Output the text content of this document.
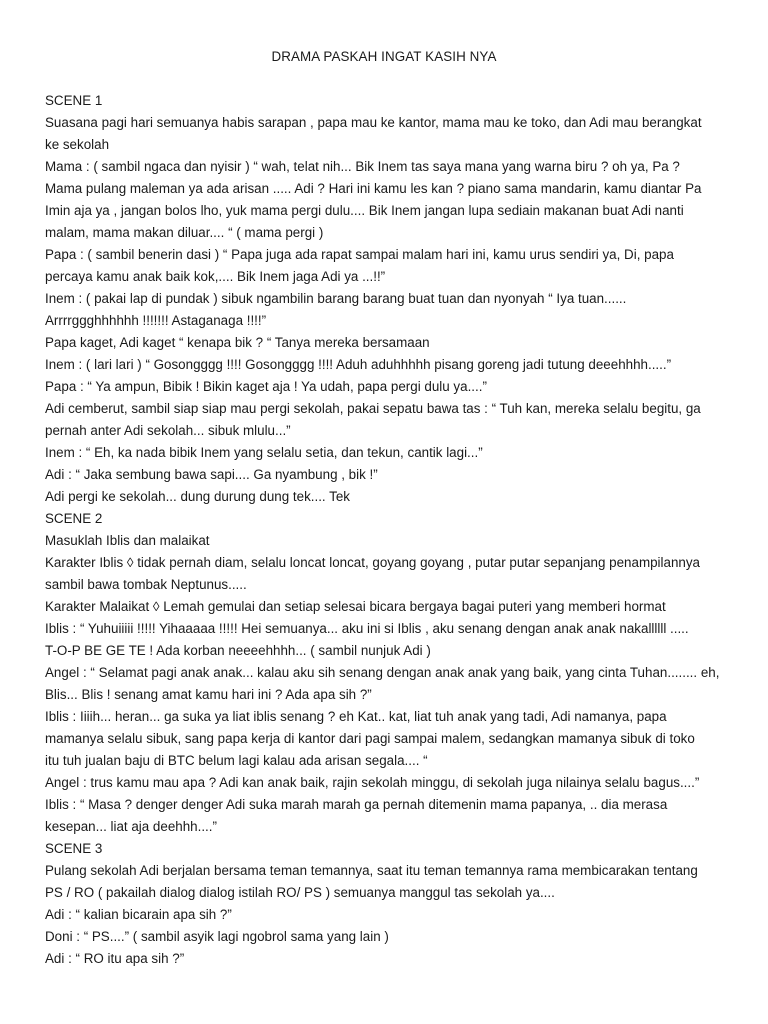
DRAMA PASKAH INGAT KASIH NYA
SCENE 1
Suasana pagi hari semuanya habis sarapan , papa mau ke kantor, mama mau ke toko, dan Adi mau berangkat
ke sekolah
Mama : ( sambil ngaca dan nyisir ) “ wah, telat nih... Bik Inem tas saya mana yang warna biru ? oh ya, Pa ?
Mama pulang maleman ya ada arisan ..... Adi ? Hari ini kamu les kan ? piano sama mandarin, kamu diantar Pa
Imin aja ya , jangan bolos lho, yuk mama pergi dulu.... Bik Inem jangan lupa sediain makanan buat Adi nanti
malam, mama makan diluar.... “ ( mama pergi )
Papa : ( sambil benerin dasi ) “ Papa juga ada rapat sampai malam hari ini, kamu urus sendiri ya, Di, papa
percaya kamu anak baik kok,.... Bik Inem jaga Adi ya ...!!”
Inem : ( pakai lap di pundak ) sibuk ngambilin barang barang buat tuan dan nyonyah “ Iya tuan......
Arrrrggghhhhhh !!!!!!! Astaganaga !!!!”
Papa kaget, Adi kaget “ kenapa bik ? “ Tanya mereka bersamaan
Inem : ( lari lari ) “ Gosongggg !!!! Gosongggg !!!! Aduh aduhhhhh pisang goreng jadi tutung deeehhhh.....”
Papa : “ Ya ampun, Bibik ! Bikin kaget aja ! Ya udah, papa pergi dulu ya....”
Adi cemberut, sambil siap siap mau pergi sekolah, pakai sepatu bawa tas : “ Tuh kan, mereka selalu begitu, ga
pernah anter Adi sekolah... sibuk mlulu...”
Inem : “ Eh, ka nada bibik Inem yang selalu setia, dan tekun, cantik lagi...”
Adi : “ Jaka sembung bawa sapi.... Ga nyambung , bik !”
Adi pergi ke sekolah... dung durung dung tek.... Tek
SCENE 2
Masuklah Iblis dan malaikat
Karakter Iblis ◊ tidak pernah diam, selalu loncat loncat, goyang goyang , putar putar sepanjang penampilannya
sambil bawa tombak Neptunus.....
Karakter Malaikat ◊ Lemah gemulai dan setiap selesai bicara bergaya bagai puteri yang memberi hormat
Iblis : “ Yuhuiiiii !!!!! Yihaaaaa !!!!! Hei semuanya... aku ini si Iblis , aku senang dengan anak anak nakallllll .....
T-O-P BE GE TE ! Ada korban neeeehhhh... ( sambil nunjuk Adi )
Angel : “ Selamat pagi anak anak... kalau aku sih senang dengan anak anak yang baik, yang cinta Tuhan........ eh,
Blis... Blis ! senang amat kamu hari ini ? Ada apa sih ?”
Iblis : Iiiih... heran... ga suka ya liat iblis senang ? eh Kat.. kat, liat tuh anak yang tadi, Adi namanya, papa
mamanya selalu sibuk, sang papa kerja di kantor dari pagi sampai malem, sedangkan mamanya sibuk di toko
itu tuh jualan baju di BTC belum lagi kalau ada arisan segala.... “
Angel : trus kamu mau apa ? Adi kan anak baik, rajin sekolah minggu, di sekolah juga nilainya selalu bagus....”
Iblis : “ Masa ? denger denger Adi suka marah marah ga pernah ditemenin mama papanya, .. dia merasa
kesepan... liat aja deehhh....”
SCENE 3
Pulang sekolah Adi berjalan bersama teman temannya, saat itu teman temannya rama membicarakan tentang
PS / RO ( pakailah dialog dialog istilah RO/ PS ) semuanya manggul tas sekolah ya....
Adi : “ kalian bicarain apa sih ?”
Doni : “ PS....” ( sambil asyik lagi ngobrol sama yang lain )
Adi : “ RO itu apa sih ?”
